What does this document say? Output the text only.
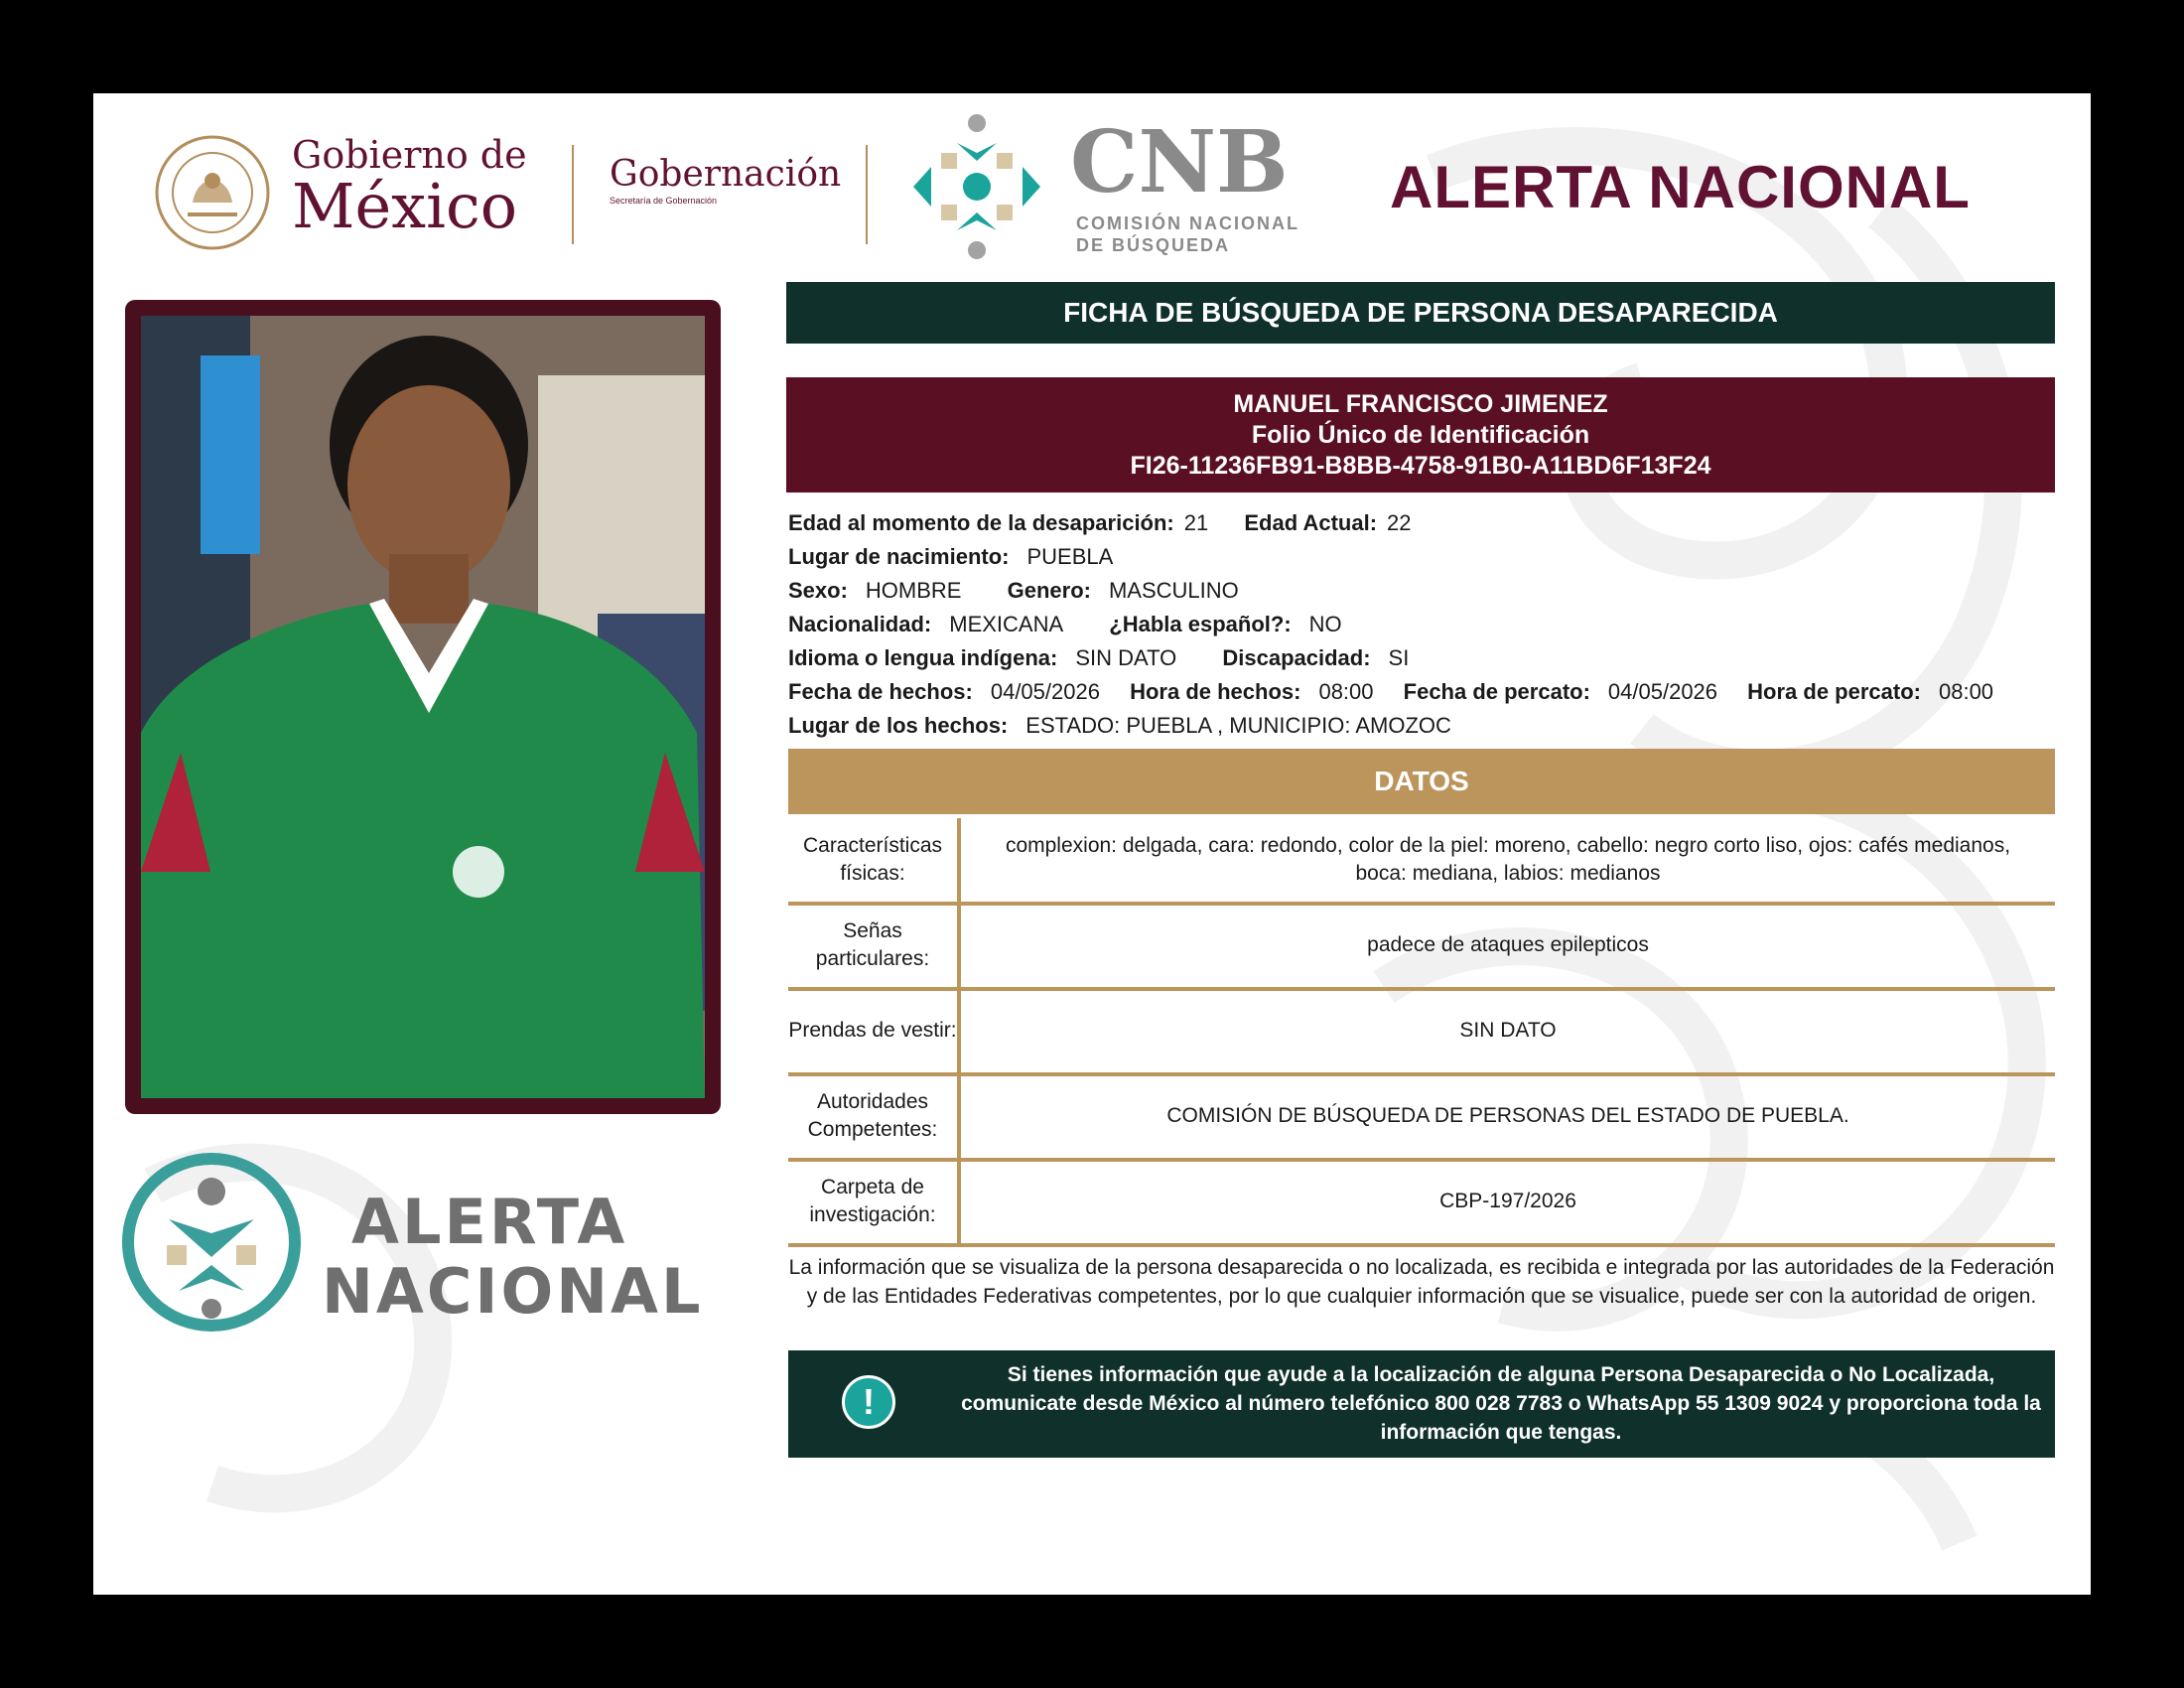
Gobierno de
México	Gobernación
Secretaría de Gobernación	CNB
COMISIÓN NACIONAL
DE BÚSQUEDA
ALERTA NACIONAL
ALERTA
NACIONAL
FICHA DE BÚSQUEDA DE PERSONA DESAPARECIDA
MANUEL FRANCISCO JIMENEZ
Folio Único de Identificación
FI26-11236FB91-B8BB-4758-91B0-A11BD6F13F24
Edad al momento de la desaparición: 21 Edad Actual: 22
Lugar de nacimiento: PUEBLA
Sexo: HOMBRE Genero: MASCULINO
Nacionalidad: MEXICANA ¿Habla español?: NO
Idioma o lengua indígena: SIN DATO Discapacidad: SI
Fecha de hechos: 04/05/2026 Hora de hechos: 08:00 Fecha de percato: 04/05/2026 Hora de percato: 08:00
Lugar de los hechos: ESTADO: PUEBLA , MUNICIPIO: AMOZOC
DATOS
Características físicas:
complexion: delgada, cara: redondo, color de la piel: moreno, cabello: negro corto liso, ojos: cafés medianos, boca: mediana, labios: medianos
Señas particulares:
padece de ataques epilepticos
Prendas de vestir:	SIN DATO
Autoridades Competentes:
COMISIÓN DE BÚSQUEDA DE PERSONAS DEL ESTADO DE PUEBLA.
Carpeta de investigación:
CBP-197/2026
La información que se visualiza de la persona desaparecida o no localizada, es recibida e integrada por las autoridades de la Federación y de las Entidades Federativas competentes, por lo que cualquier información que se visualice, puede ser con la autoridad de origen.
!
Si tienes información que ayude a la localización de alguna Persona Desaparecida o No Localizada, comunicate desde México al número telefónico 800 028 7783 o WhatsApp 55 1309 9024 y proporciona toda la información que tengas.
